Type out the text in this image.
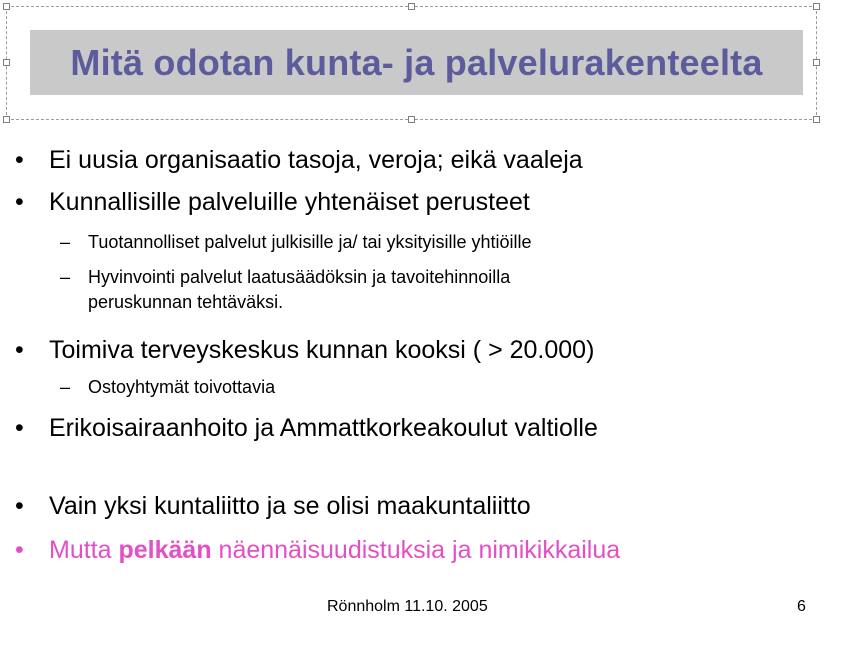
Mitä odotan kunta- ja palvelurakenteelta
• Ei uusia organisaatio tasoja, veroja; eikä vaaleja
• Kunnallisille palveluille yhtenäiset perusteet
– Tuotannolliset palvelut julkisille ja/ tai yksityisille yhtiöille
– Hyvinvointi palvelut laatusäädöksin ja tavoitehinnoilla
peruskunnan tehtäväksi.
• Toimiva terveyskeskus kunnan kooksi ( > 20.000)
– Ostoyhtymät toivottavia
• Erikoisairaanhoito ja Ammattkorkeakoulut valtiolle
• Vain yksi kuntaliitto ja se olisi maakuntaliitto
• Mutta pelkään näennäisuudistuksia ja nimikikkailua
Rönnholm 11.10. 2005	6
